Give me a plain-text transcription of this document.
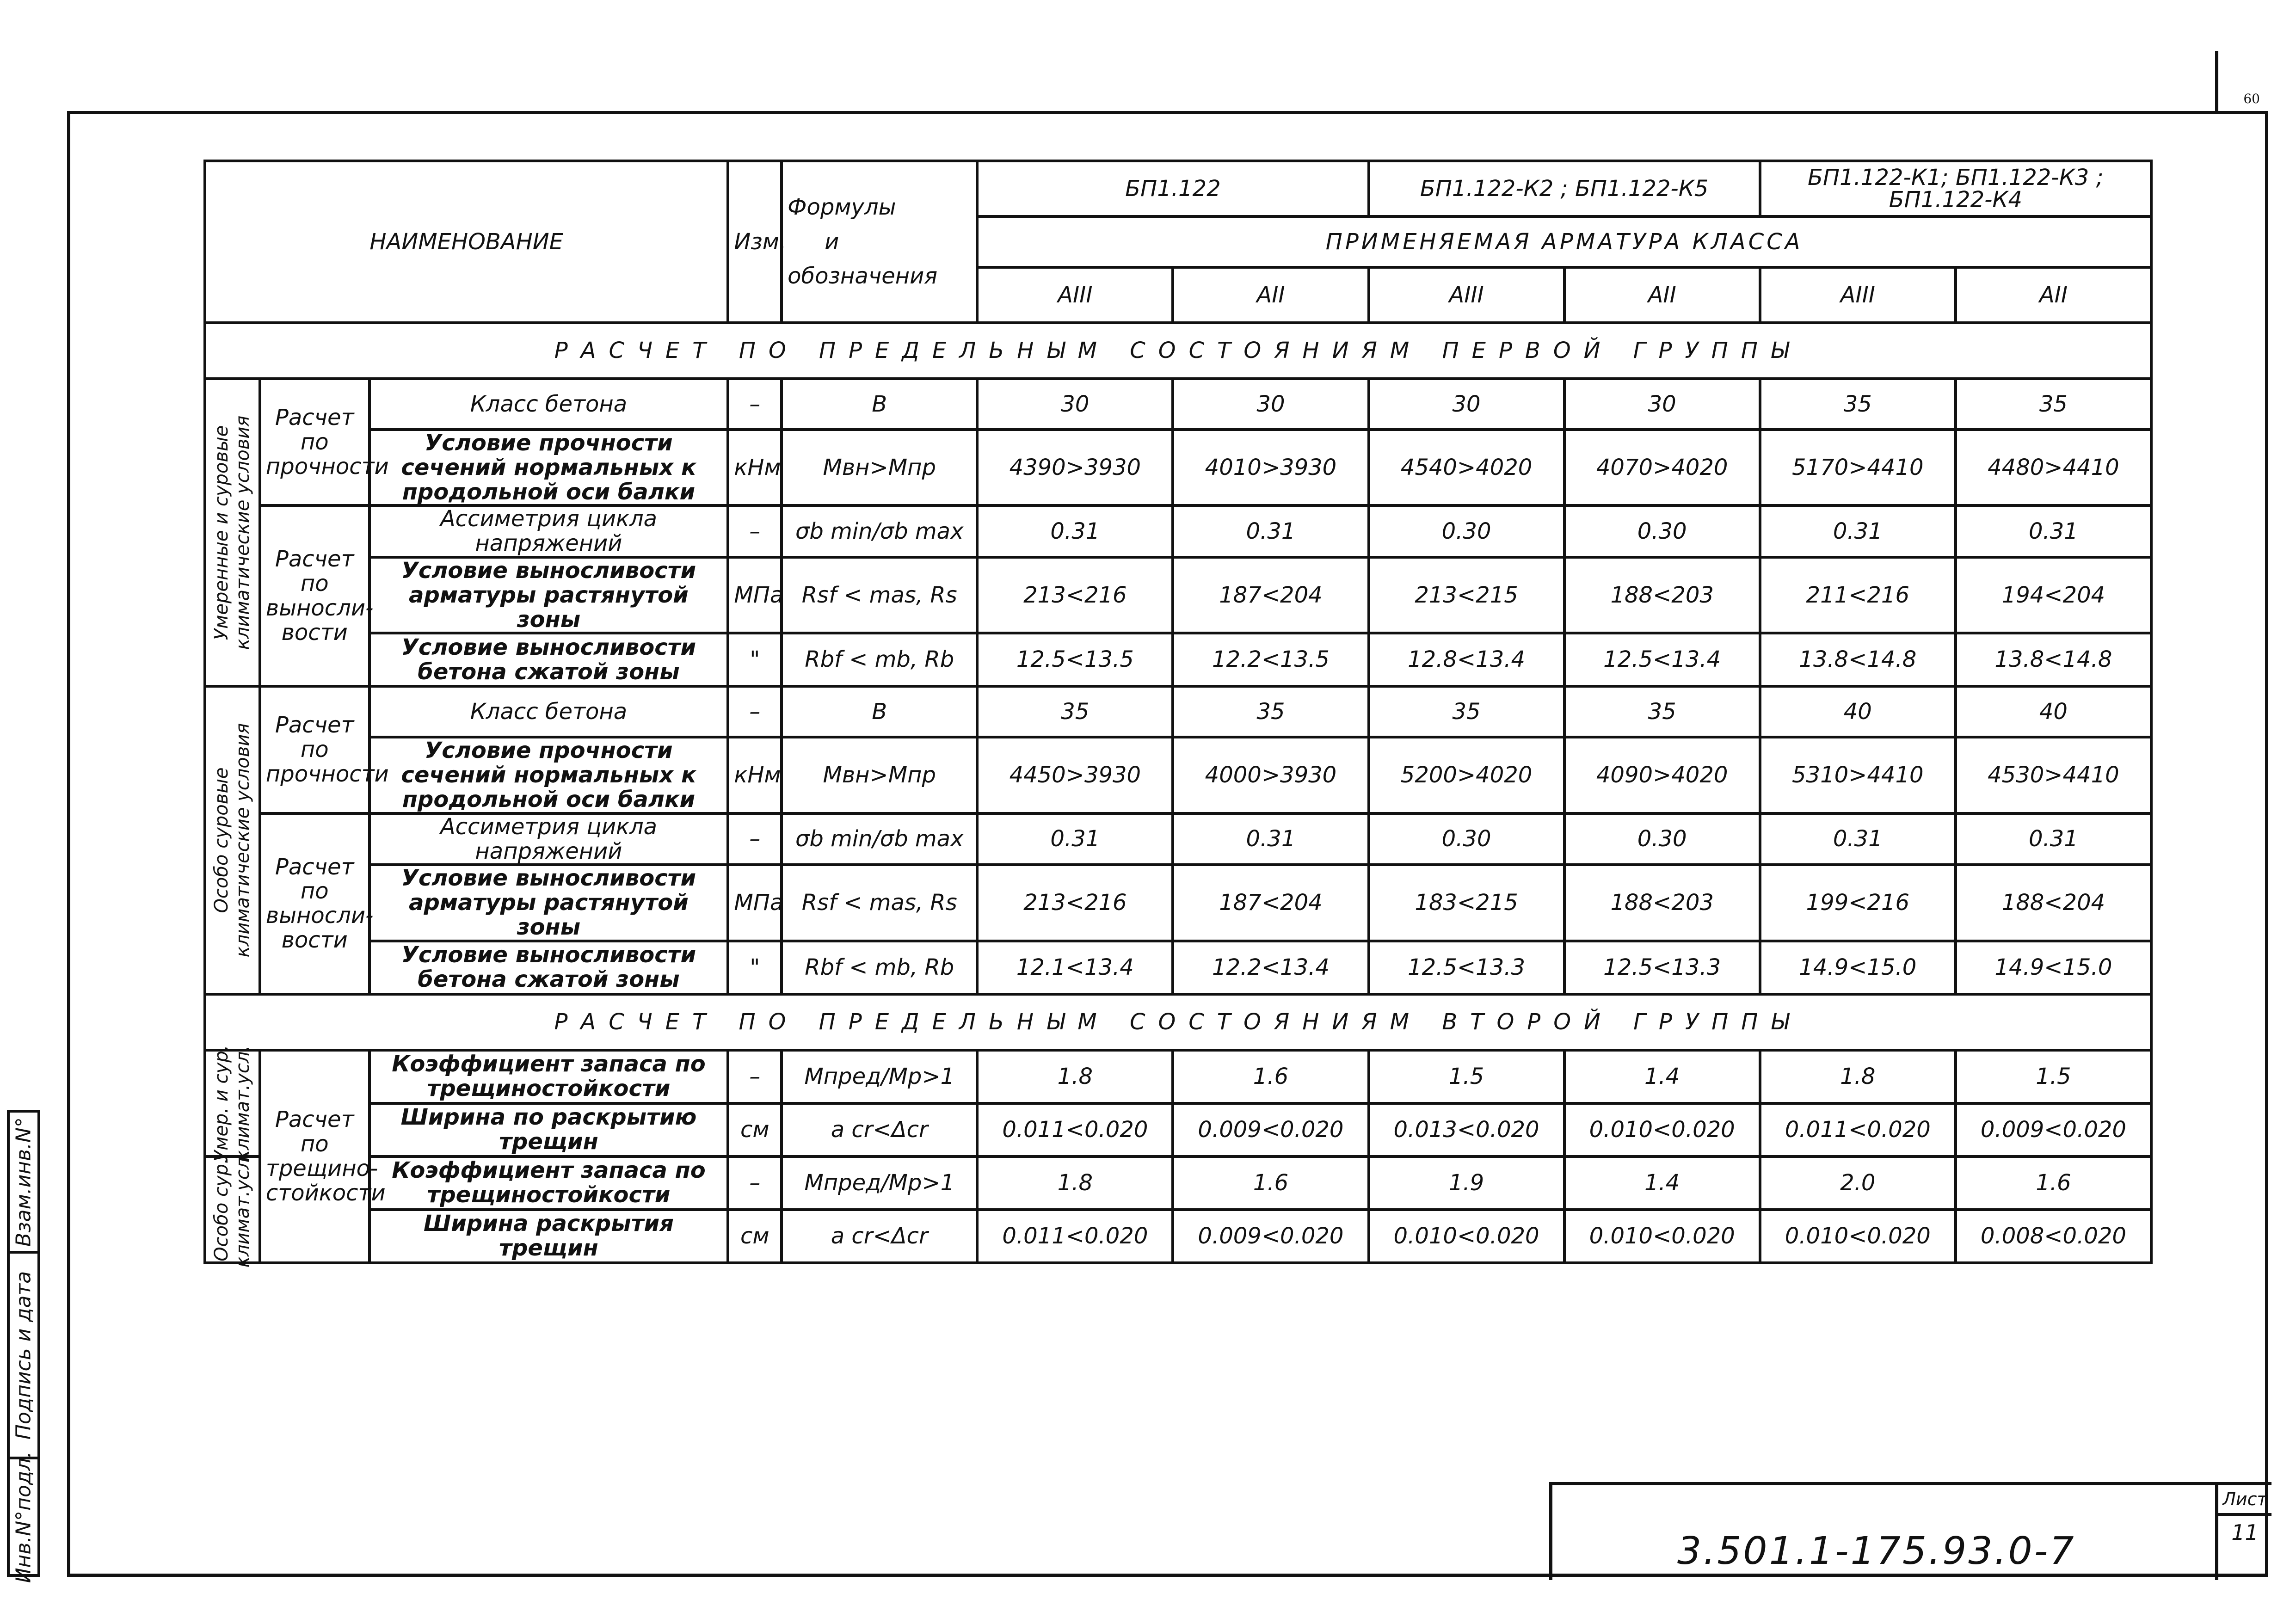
60
Взам.инв.N°
Подпись и дата
Инв.N°подл.
НАИМЕНОВАНИЕ			Изм.	Формулы
и
обозначения	БП1.122		БП1.122-К2 ; БП1.122-К5		БП1.122-К1; БП1.122-К3 ; БП1.122-К4	
					ПРИМЕНЯЕМАЯ АРМАТУРА КЛАССА					
					AIII	AII	AIII	AII	AIII	AII
РАСЧЕТ ПО ПРЕДЕЛЬНЫМ СОСТОЯНИЯМ ПЕРВОЙ ГРУППЫ										

Умеренные и суровые климатические условия	Расчет по прочности	Класс бетона	–	B	30	30	30	30	35	35
		Условие прочности сечений нормальных к продольной оси балки	кНм	Mвн>Mпр	4390>3930	4010>3930	4540>4020	4070>4020	5170>4410	4480>4410
	Расчет по выносли-вости	Ассиметрия цикла напряжений	–	σb min/σb max	0.31	0.31	0.30	0.30	0.31	0.31
		Условие выносливости арматуры растянутой зоны	МПа	Rsf < mas, Rs	213<216	187<204	213<215	188<203	211<216	194<204
		Условие выносливости бетона сжатой зоны	"	Rbf < mb, Rb	12.5<13.5	12.2<13.5	12.8<13.4	12.5<13.4	13.8<14.8	13.8<14.8

Особо суровые климатические условия	Расчет по прочности	Класс бетона	–	B	35	35	35	35	40	40
		Условие прочности сечений нормальных к продольной оси балки	кНм	Mвн>Mпр	4450>3930	4000>3930	5200>4020	4090>4020	5310>4410	4530>4410
	Расчет по выносли-вости	Ассиметрия цикла напряжений	–	σb min/σb max	0.31	0.31	0.30	0.30	0.31	0.31
		Условие выносливости арматуры растянутой зоны	МПа	Rsf < mas, Rs	213<216	187<204	183<215	188<203	199<216	188<204
		Условие выносливости бетона сжатой зоны	"	Rbf < mb, Rb	12.1<13.4	12.2<13.4	12.5<13.3	12.5<13.3	14.9<15.0	14.9<15.0
РАСЧЕТ ПО ПРЕДЕЛЬНЫМ СОСТОЯНИЯМ ВТОРОЙ ГРУППЫ										

Умер. и сур. климат.усл.	Расчет по трещино-стойкости	Коэффициент запаса по трещиностойкости	–	Mпред/Mр>1	1.8	1.6	1.5	1.4	1.8	1.5
		Ширина по раскрытию трещин	см	a cr<Δcr	0.011<0.020	0.009<0.020	0.013<0.020	0.010<0.020	0.011<0.020	0.009<0.020

Особо сур. климат.усл.		Коэффициент запаса по трещиностойкости	–	Mпред/Mр>1	1.8	1.6	1.9	1.4	2.0	1.6
		Ширина раскрытия трещин	см	a cr<Δcr	0.011<0.020	0.009<0.020	0.010<0.020	0.010<0.020	0.010<0.020	0.008<0.020
3.501.1-175.93.0-7
Лист
11
